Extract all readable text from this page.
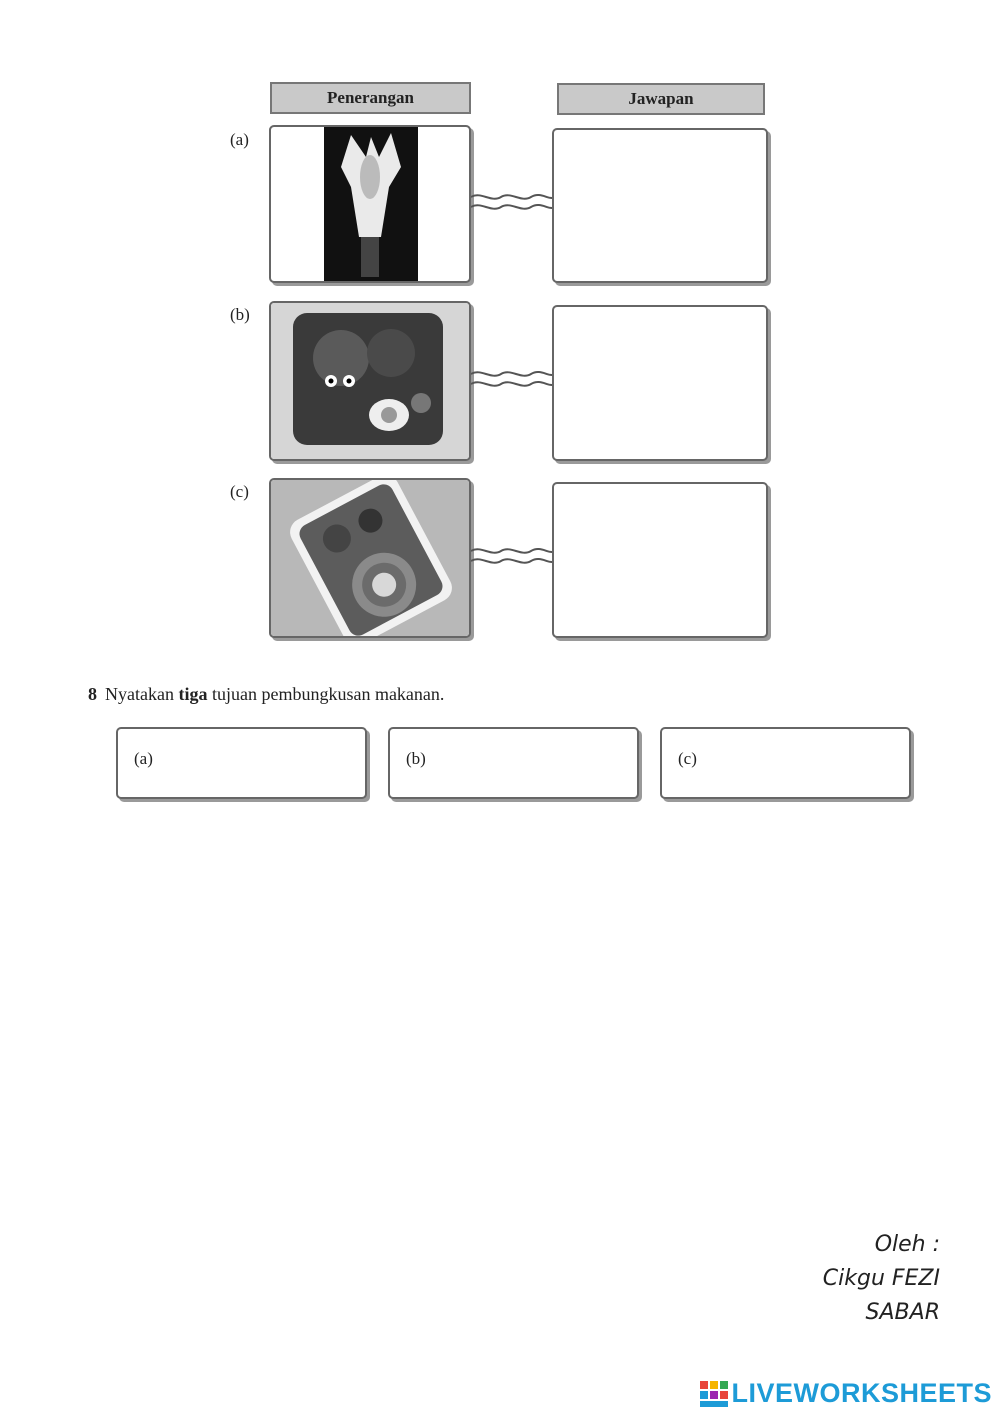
Penerangan	Jawapan
(a)
(b)
(c)
8 Nyatakan tiga tujuan pembungkusan makanan.
(a)	(b)	(c)
Oleh :
Cikgu FEZI
SABAR
LIVEWORKSHEETS
